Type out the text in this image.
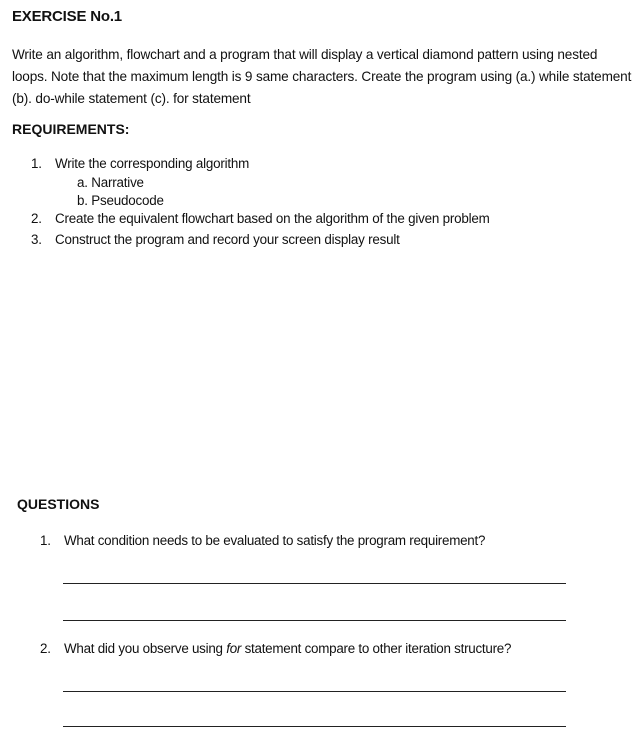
EXERCISE No.1
Write an algorithm, flowchart and a program that will display a vertical diamond pattern using nested
loops. Note that the maximum length is 9 same characters. Create the program using (a.) while statement
(b). do-while statement (c). for statement
REQUIREMENTS:
1. Write the corresponding algorithm
a. Narrative
b. Pseudocode
2. Create the equivalent flowchart based on the algorithm of the given problem
3. Construct the program and record your screen display result
QUESTIONS
1. What condition needs to be evaluated to satisfy the program requirement?
2. What did you observe using for statement compare to other iteration structure?
